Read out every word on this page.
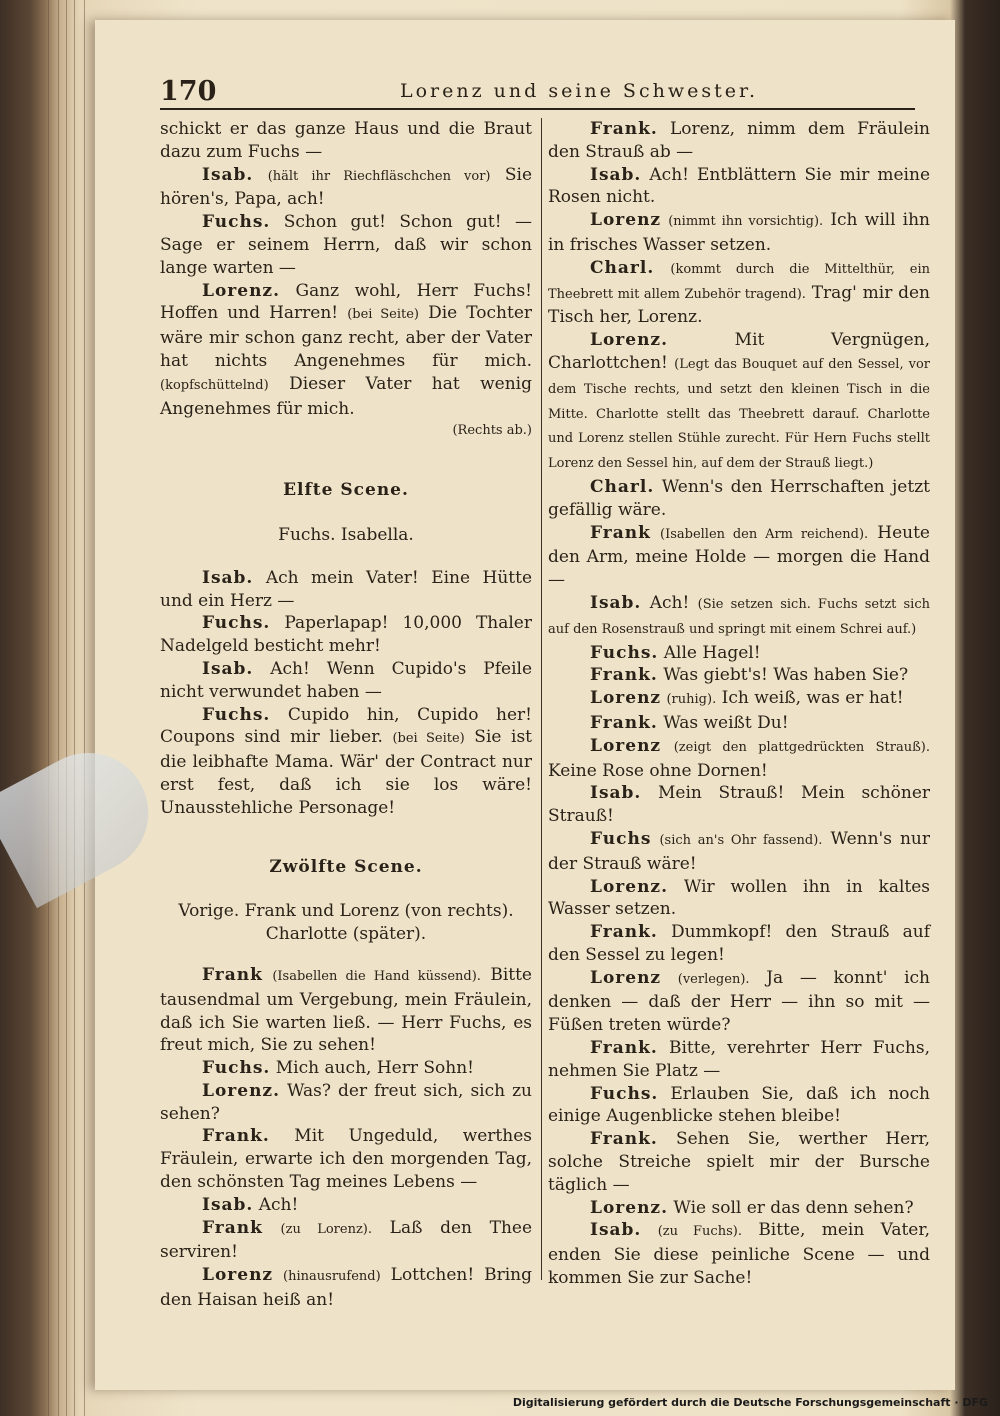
170	Lorenz und seine Schwester.

schickt er das ganze Haus und die Braut dazu zum Fuchs —

Isab. (hält ihr Riechfläschchen vor) Sie hören's, Papa, ach!

Fuchs. Schon gut! Schon gut! — Sage er seinem Herrn, daß wir schon lange warten —

Lorenz. Ganz wohl, Herr Fuchs! Hoffen und Harren! (bei Seite) Die Tochter wäre mir schon ganz recht, aber der Vater hat nichts Angenehmes für mich. (kopfschüttelnd) Dieser Vater hat wenig Angenehmes für mich.

(Rechts ab.)

Elfte Scene.

Fuchs. Isabella.

Isab. Ach mein Vater! Eine Hütte und ein Herz —

Fuchs. Paperlapap! 10,000 Thaler Nadelgeld besticht mehr!

Isab. Ach! Wenn Cupido's Pfeile nicht verwundet haben —

Fuchs. Cupido hin, Cupido her! Coupons sind mir lieber. (bei Seite) Sie ist die leibhafte Mama. Wär' der Contract nur erst fest, daß ich sie los wäre! Unausstehliche Personage!

Zwölfte Scene.

Vorige. Frank und Lorenz (von rechts). Charlotte (später).

Frank (Isabellen die Hand küssend). Bitte tausendmal um Vergebung, mein Fräulein, daß ich Sie warten ließ. — Herr Fuchs, es freut mich, Sie zu sehen!

Fuchs. Mich auch, Herr Sohn!

Lorenz. Was? der freut sich, sich zu sehen?

Frank. Mit Ungeduld, werthes Fräulein, erwarte ich den morgenden Tag, den schönsten Tag meines Lebens —

Isab. Ach!

Frank (zu Lorenz). Laß den Thee serviren!

Lorenz (hinausrufend) Lottchen! Bring den Haisan heiß an!

Frank. Lorenz, nimm dem Fräulein den Strauß ab —

Isab. Ach! Entblättern Sie mir meine Rosen nicht.

Lorenz (nimmt ihn vorsichtig). Ich will ihn in frisches Wasser setzen.

Charl. (kommt durch die Mittelthür, ein Theebrett mit allem Zubehör tragend). Trag' mir den Tisch her, Lorenz.

Lorenz.	Mit Vergnügen, Charlottchen! (Legt das Bouquet auf den Sessel, vor dem Tische rechts, und setzt den kleinen Tisch in die Mitte. Charlotte stellt das Theebrett darauf. Charlotte und Lorenz stellen Stühle zurecht. Für Hern Fuchs stellt Lorenz den Sessel hin, auf dem der Strauß liegt.)

Charl. Wenn's den Herrschaften jetzt gefällig wäre.

Frank (Isabellen den Arm reichend). Heute den Arm, meine Holde — morgen die Hand —

Isab. Ach! (Sie setzen sich. Fuchs setzt sich auf den Rosenstrauß und springt mit einem Schrei auf.)

Fuchs. Alle Hagel!

Frank. Was giebt's! Was haben Sie?

Lorenz (ruhig). Ich weiß, was er hat!

Frank. Was weißt Du!

Lorenz (zeigt den plattgedrückten Strauß). Keine Rose ohne Dornen!

Isab. Mein Strauß! Mein schöner Strauß!

Fuchs (sich an's Ohr fassend). Wenn's nur der Strauß wäre!

Lorenz. Wir wollen ihn in kaltes Wasser setzen.

Frank. Dummkopf! den Strauß auf den Sessel zu legen!

Lorenz (verlegen). Ja — konnt' ich denken — daß der Herr — ihn so mit — Füßen treten würde?

Frank. Bitte, verehrter Herr Fuchs, nehmen Sie Platz —

Fuchs. Erlauben Sie, daß ich noch einige Augenblicke stehen bleibe!

Frank. Sehen Sie, werther Herr, solche Streiche spielt mir der Bursche täglich —

Lorenz. Wie soll er das denn sehen?

Isab. (zu Fuchs). Bitte, mein Vater, enden Sie diese peinliche Scene — und kommen Sie zur Sache!

Digitalisierung gefördert durch die Deutsche Forschungsgemeinschaft · DFG
